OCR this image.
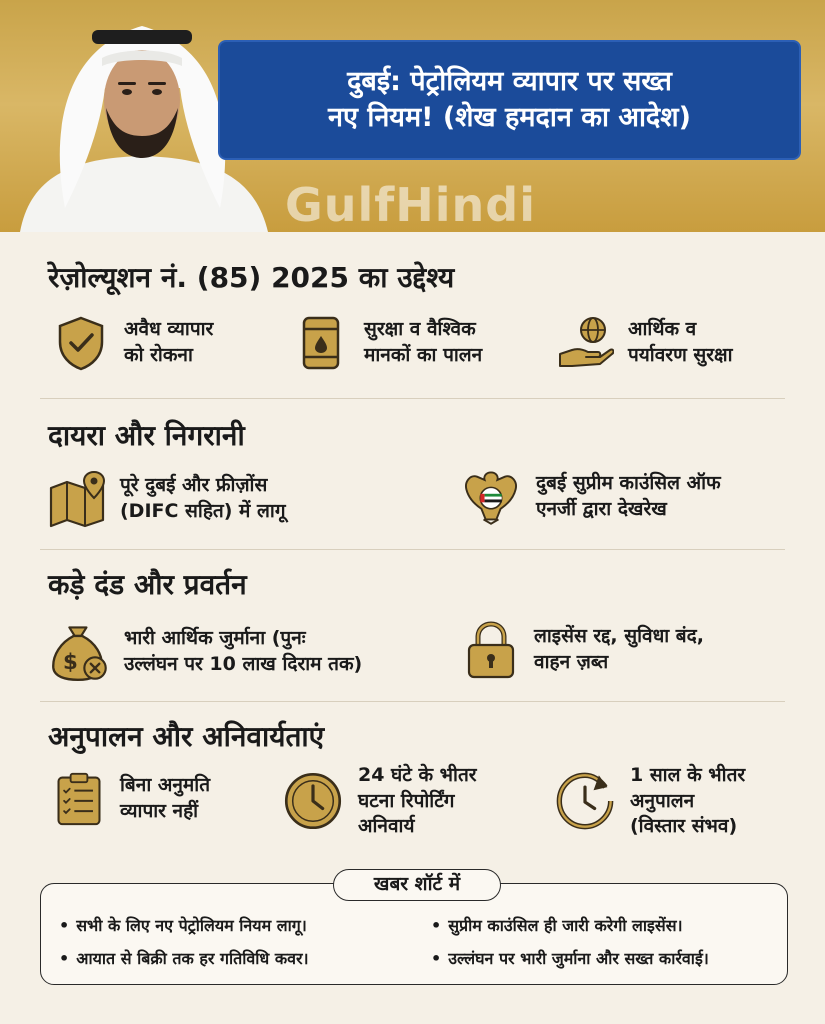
दुबई: पेट्रोलियम व्यापार पर सख्त
नए नियम! (शेख हमदान का आदेश)
GulfHindi
रेज़ोल्यूशन नं. (85) 2025 का उद्देश्य
अवैध व्यापार
को रोकना
सुरक्षा व वैश्विक
मानकों का पालन
आर्थिक व
पर्यावरण सुरक्षा
दायरा और निगरानी
पूरे दुबई और फ्रीज़ोंस
(DIFC सहित) में लागू
दुबई सुप्रीम काउंसिल ऑफ
एनर्जी द्वारा देखरेख
कड़े दंड और प्रवर्तन
$
भारी आर्थिक जुर्माना (पुनः
उल्लंघन पर 10 लाख दिराम तक)
लाइसेंस रद्द, सुविधा बंद,
वाहन ज़ब्त
अनुपालन और अनिवार्यताएं
बिना अनुमति
व्यापार नहीं
24 घंटे के भीतर
घटना रिपोर्टिंग
अनिवार्य
1 साल के भीतर
अनुपालन
(विस्तार संभव)
खबर शॉर्ट में
• सभी के लिए नए पेट्रोलियम नियम लागू।	• सुप्रीम काउंसिल ही जारी करेगी लाइसेंस।
• आयात से बिक्री तक हर गतिविधि कवर।	• उल्लंघन पर भारी जुर्माना और सख्त कार्रवाई।
